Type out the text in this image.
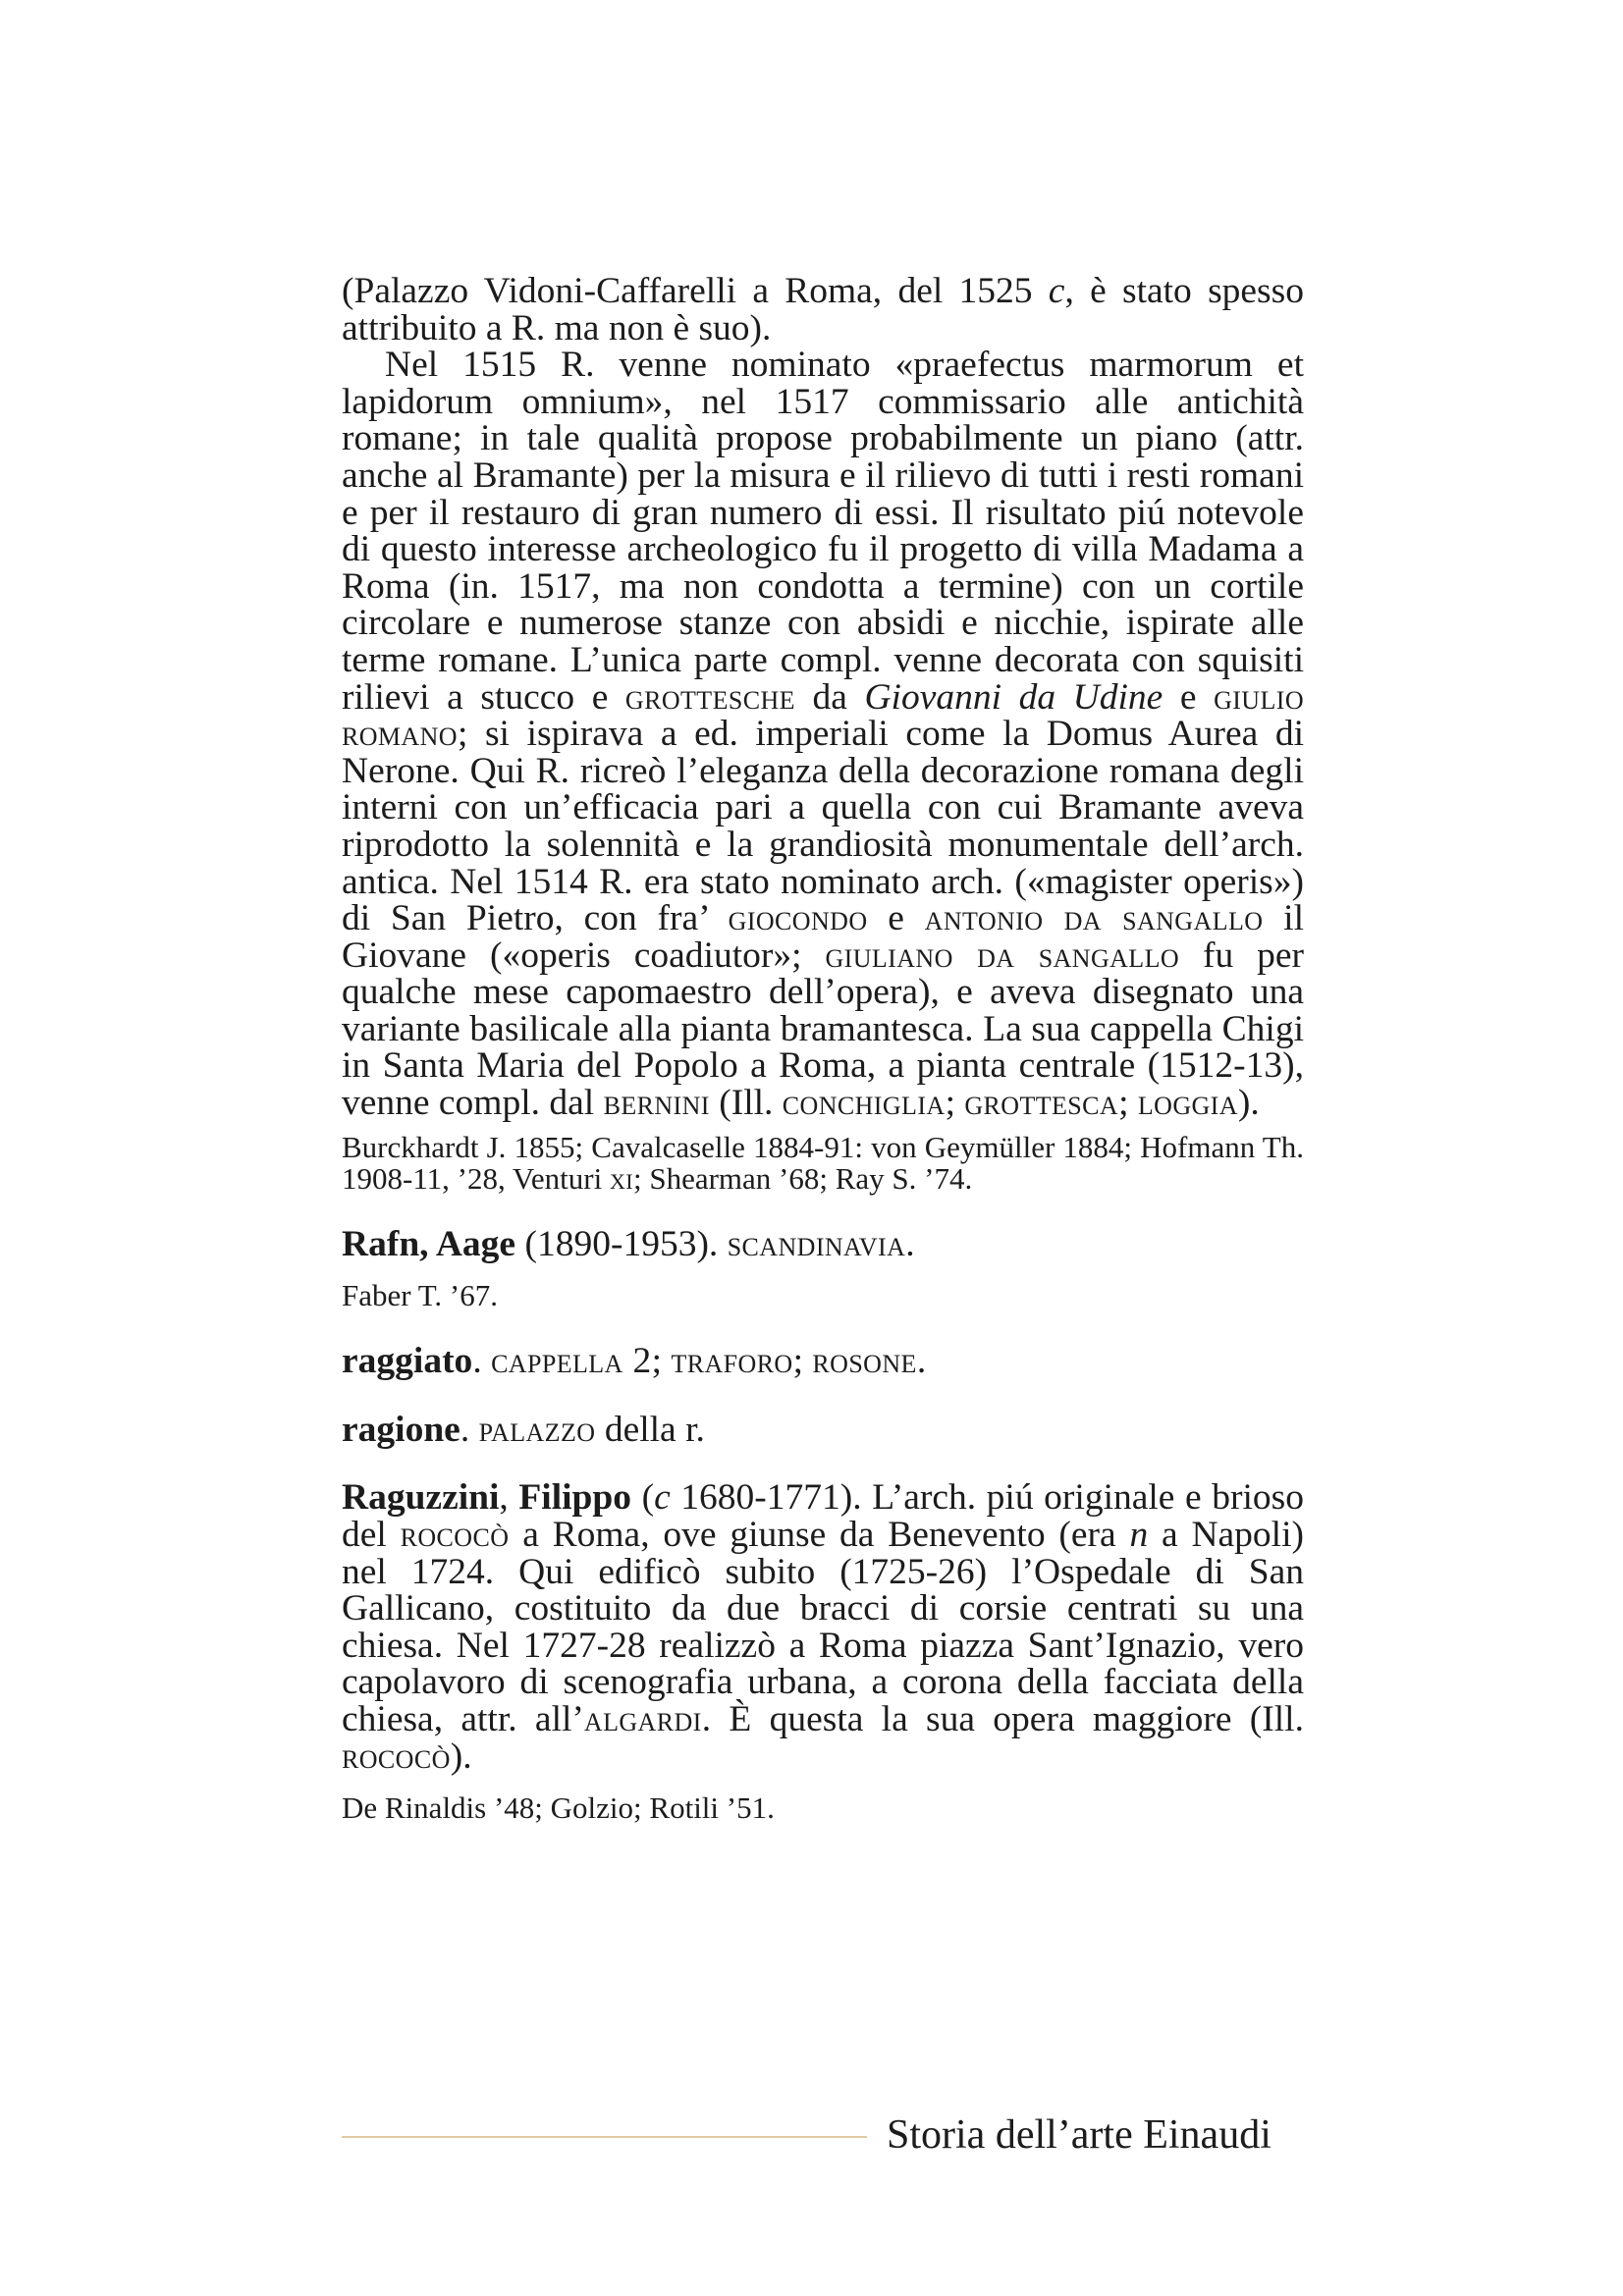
(Palazzo Vidoni-Caffarelli a Roma, del 1525 c, è stato spesso attribuito a R. ma non è suo).

Nel 1515 R. venne nominato «praefectus marmorum et lapidorum omnium», nel 1517 commissario alle antichità romane; in tale qualità propose probabilmente un piano (attr. anche al Bramante) per la misura e il rilievo di tutti i resti romani e per il restauro di gran numero di essi. Il risultato piú notevole di questo interesse archeologico fu il progetto di villa Madama a Roma (in. 1517, ma non condotta a termine) con un cortile circolare e numerose stanze con absidi e nicchie, ispirate alle terme romane. L’unica parte compl. venne decorata con squisiti rilievi a stucco e grottesche da Giovanni da Udine e giulio romano; si ispirava a ed. imperiali come la Domus Aurea di Nerone. Qui R. ricreò l’eleganza della decorazione romana degli interni con un’efficacia pari a quella con cui Bramante aveva riprodotto la solennità e la grandiosità monumentale dell’arch. antica. Nel 1514 R. era stato nominato arch. («magister operis») di San Pietro, con fra’ giocondo e antonio da sangallo il Giovane («operis coadiutor»; giuliano da sangallo fu per qualche mese capomaestro dell’opera), e aveva disegnato una variante basilicale alla pianta bramantesca. La sua cappella Chigi in Santa Maria del Popolo a Roma, a pianta centrale (1512-13), venne compl. dal bernini (Ill. conchiglia; grottesca; loggia).

Burckhardt J. 1855; Cavalcaselle 1884-91: von Geymüller 1884; Hofmann Th. 1908-11, ’28, Venturi xi; Shearman ’68; Ray S. ’74.
Rafn, Aage (1890-1953). scandinavia.
Faber T. ’67.
raggiato. cappella 2; traforo; rosone.
ragione. palazzo della r.
Raguzzini, Filippo (c 1680-1771). L’arch. piú originale e brioso del rococò a Roma, ove giunse da Benevento (era n a Napoli) nel 1724. Qui edificò subito (1725-26) l’Ospedale di San Gallicano, costituito da due bracci di corsie centrati su una chiesa. Nel 1727-28 realizzò a Roma piazza Sant’Ignazio, vero capolavoro di scenografia urbana, a corona della facciata della chiesa, attr. all’algardi. È questa la sua opera maggiore (Ill. rococò).
De Rinaldis ’48; Golzio; Rotili ’51.
Storia dell’arte Einaudi
